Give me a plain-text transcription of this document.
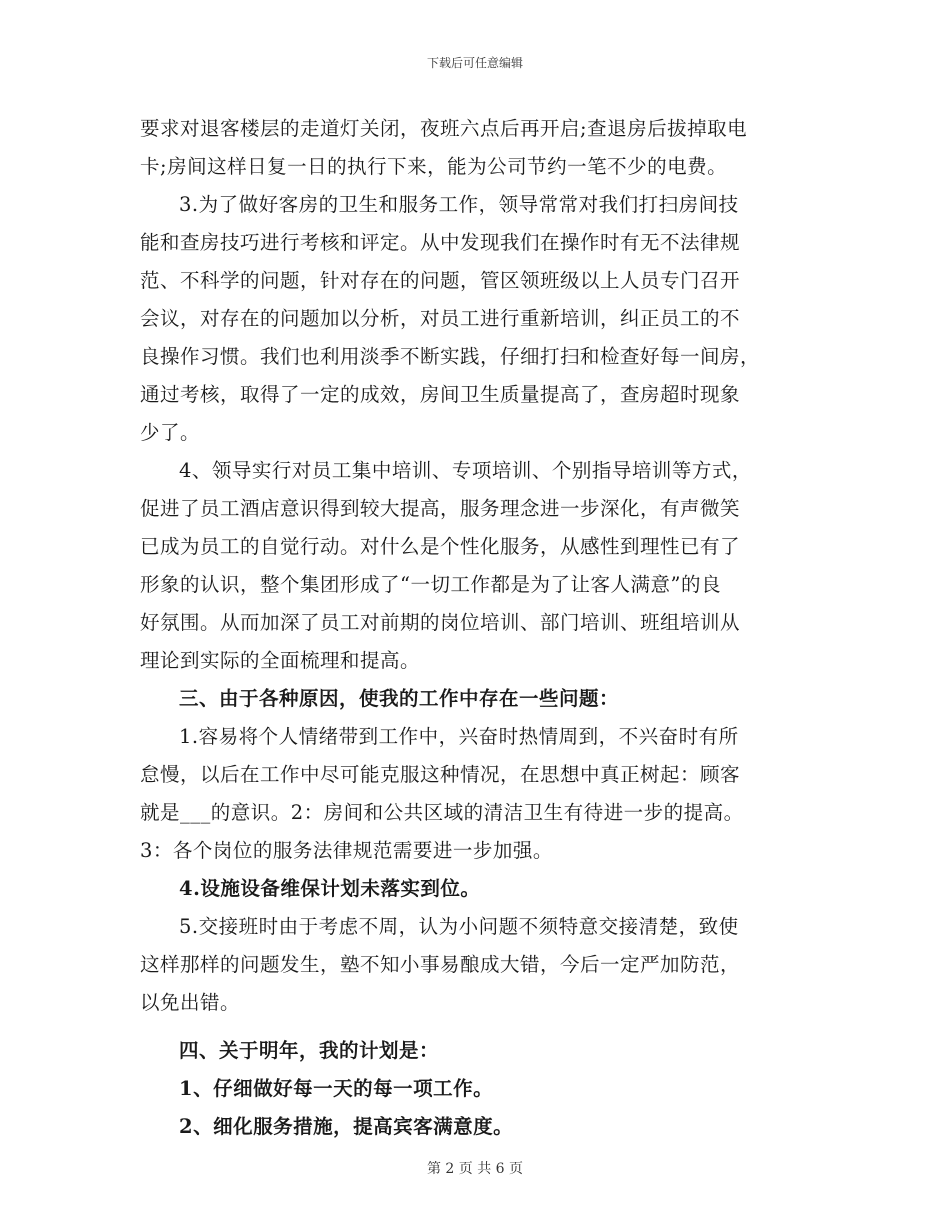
下载后可任意编辑
要求对退客楼层的走道灯关闭，夜班六点后再开启;查退房后拔掉取电
卡;房间这样日复一日的执行下来，能为公司节约一笔不少的电费。
3.为了做好客房的卫生和服务工作，领导常常对我们打扫房间技
能和查房技巧进行考核和评定。从中发现我们在操作时有无不法律规
范、不科学的问题，针对存在的问题，管区领班级以上人员专门召开
会议，对存在的问题加以分析，对员工进行重新培训，纠正员工的不
良操作习惯。我们也利用淡季不断实践，仔细打扫和检查好每一间房，
通过考核，取得了一定的成效，房间卫生质量提高了，查房超时现象
少了。
4、领导实行对员工集中培训、专项培训、个别指导培训等方式，
促进了员工酒店意识得到较大提高，服务理念进一步深化，有声微笑
已成为员工的自觉行动。对什么是个性化服务，从感性到理性已有了
形象的认识，整个集团形成了“一切工作都是为了让客人满意”的良
好氛围。从而加深了员工对前期的岗位培训、部门培训、班组培训从
理论到实际的全面梳理和提高。
三、由于各种原因，使我的工作中存在一些问题：
1.容易将个人情绪带到工作中，兴奋时热情周到，不兴奋时有所
怠慢，以后在工作中尽可能克服这种情况，在思想中真正树起：顾客
就是___的意识。2：房间和公共区域的清洁卫生有待进一步的提高。
3：各个岗位的服务法律规范需要进一步加强。
4.设施设备维保计划未落实到位。
5.交接班时由于考虑不周，认为小问题不须特意交接清楚，致使
这样那样的问题发生，塾不知小事易酿成大错，今后一定严加防范，
以免出错。
四、关于明年，我的计划是：
1、仔细做好每一天的每一项工作。
2、细化服务措施，提高宾客满意度。
第 2 页 共 6 页
